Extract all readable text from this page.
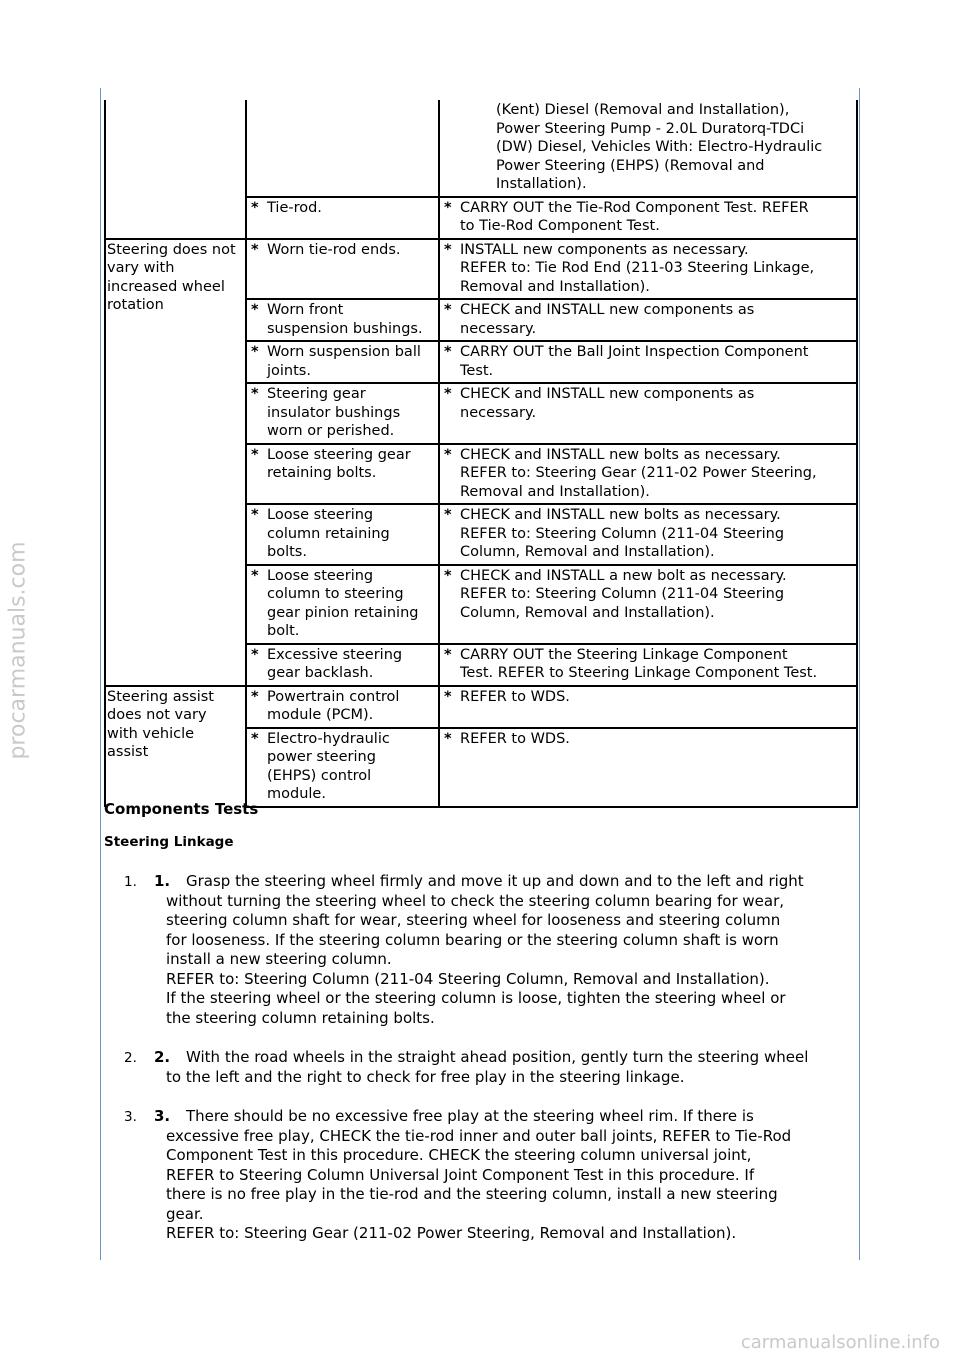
procarmanuals.com
carmanualsonline.info

		(Kent) Diesel (Removal and Installation),
Power Steering Pump - 2.0L Duratorq-TDCi
(DW) Diesel, Vehicles With: Electro-Hydraulic
Power Steering (EHPS) (Removal and
Installation).

	* Tie-rod.	* CARRY OUT the Tie-Rod Component Test. REFER
to Tie-Rod Component Test.

Steering does not
vary with
increased wheel
rotation	* Worn tie-rod ends.	* INSTALL new components as necessary.
REFER to: Tie Rod End (211-03 Steering Linkage,
Removal and Installation).

	* Worn front
suspension bushings.	* CHECK and INSTALL new components as
necessary.

	* Worn suspension ball
joints.	* CARRY OUT the Ball Joint Inspection Component
Test.

	* Steering gear
insulator bushings
worn or perished.	* CHECK and INSTALL new components as
necessary.

	* Loose steering gear
retaining bolts.	* CHECK and INSTALL new bolts as necessary.
REFER to: Steering Gear (211-02 Power Steering,
Removal and Installation).

	* Loose steering
column retaining
bolts.	* CHECK and INSTALL new bolts as necessary.
REFER to: Steering Column (211-04 Steering
Column, Removal and Installation).

	* Loose steering
column to steering
gear pinion retaining
bolt.	* CHECK and INSTALL a new bolt as necessary.
REFER to: Steering Column (211-04 Steering
Column, Removal and Installation).

	* Excessive steering
gear backlash.	* CARRY OUT the Steering Linkage Component
Test. REFER to Steering Linkage Component Test.

Steering assist
does not vary
with vehicle
assist	* Powertrain control
module (PCM).	* REFER to WDS.

	* Electro-hydraulic
power steering
(EHPS) control
module.	* REFER to WDS.
Components Tests
Steering Linkage
1. 1.	Grasp the steering wheel firmly and move it up and down and to the left and right

without turning the steering wheel to check the steering column bearing for wear,

steering column shaft for wear, steering wheel for looseness and steering column

for looseness. If the steering column bearing or the steering column shaft is worn

install a new steering column.

REFER to: Steering Column (211-04 Steering Column, Removal and Installation).

If the steering wheel or the steering column is loose, tighten the steering wheel or

the steering column retaining bolts.

2. 2.	With the road wheels in the straight ahead position, gently turn the steering wheel

to the left and the right to check for free play in the steering linkage.

3. 3.	There should be no excessive free play at the steering wheel rim. If there is

excessive free play, CHECK the tie-rod inner and outer ball joints, REFER to Tie-Rod

Component Test in this procedure. CHECK the steering column universal joint,

REFER to Steering Column Universal Joint Component Test in this procedure. If

there is no free play in the tie-rod and the steering column, install a new steering

gear.

REFER to: Steering Gear (211-02 Power Steering, Removal and Installation).
